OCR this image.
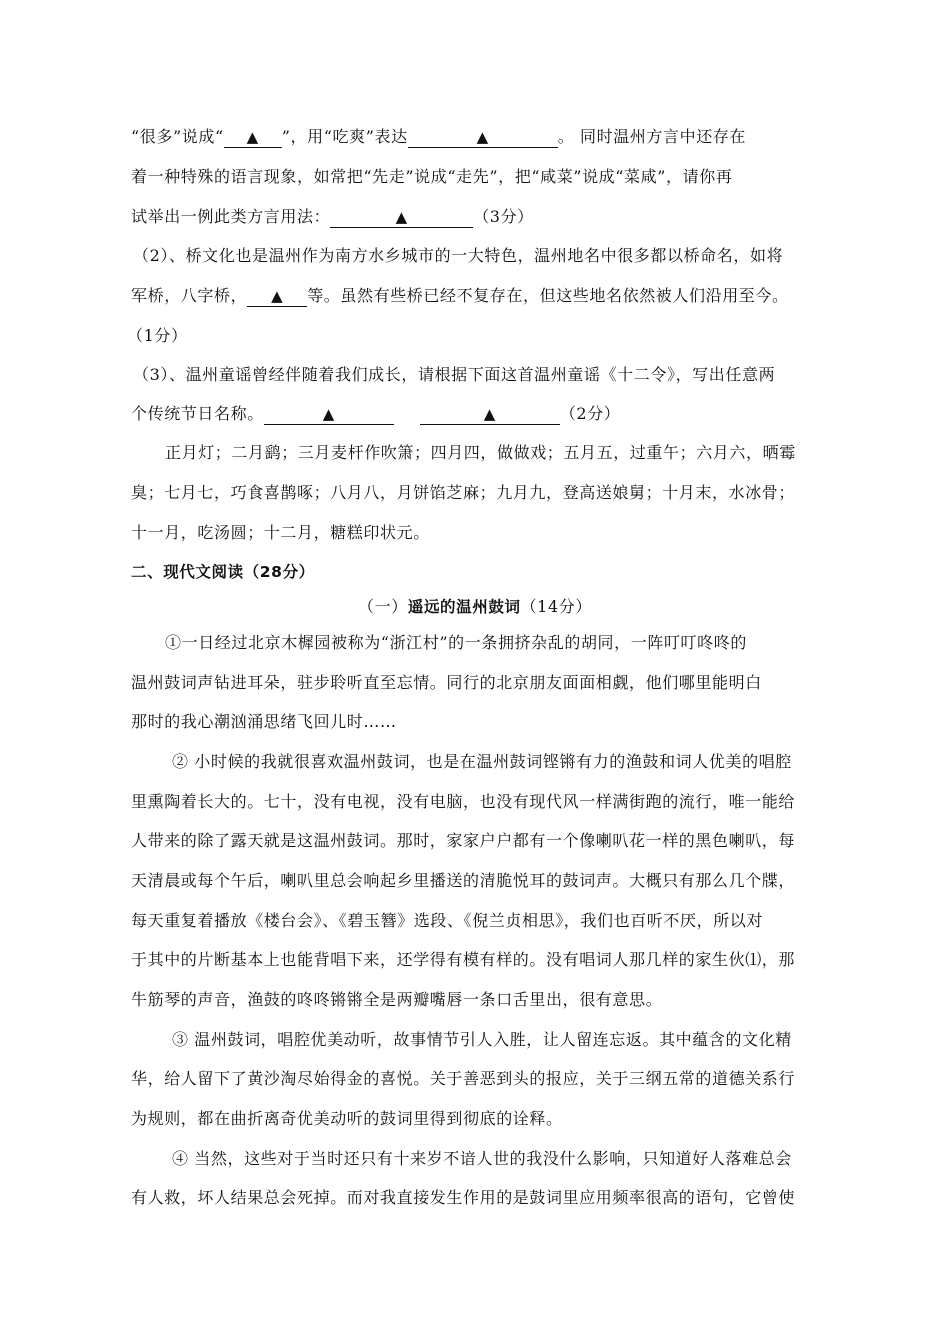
“很多”说成“ ▲ ”，用“吃爽”表达	▲	。 同时温州方言中还存在
着一种特殊的语言现象，如常把“先走”说成“走先”，把“咸菜”说成“菜咸”，请你再
试举出一例此类方言用法：	▲	（3分）
（2）、桥文化也是温州作为南方水乡城市的一大特色，温州地名中很多都以桥命名，如将
军桥，八字桥， ▲ 等。虽然有些桥已经不复存在，但这些地名依然被人们沿用至今。
（1分）
（3）、温州童谣曾经伴随着我们成长，请根据下面这首温州童谣《十二令》，写出任意两
个传统节日名称。	▲	▲	（2分）
正月灯；二月鹞；三月麦杆作吹箫；四月四，做做戏；五月五，过重午；六月六，晒霉
臭；七月七，巧食喜鹊啄；八月八，月饼馅芝麻；九月九，登高送娘舅；十月末，水冰骨；
十一月，吃汤圆；十二月，糖糕印状元。
二、现代文阅读（28分）
（一）遥远的温州鼓词（14分）
①一日经过北京木樨园被称为“浙江村”的一条拥挤杂乱的胡同，一阵叮叮咚咚的
温州鼓词声钻进耳朵，驻步聆听直至忘情。同行的北京朋友面面相觑，他们哪里能明白
那时的我心潮汹涌思绪飞回儿时……
② 小时候的我就很喜欢温州鼓词，也是在温州鼓词铿锵有力的渔鼓和词人优美的唱腔
里熏陶着长大的。七十，没有电视，没有电脑，也没有现代风一样满街跑的流行，唯一能给
人带来的除了露天就是这温州鼓词。那时，家家户户都有一个像喇叭花一样的黑色喇叭，每
天清晨或每个午后，喇叭里总会响起乡里播送的清脆悦耳的鼓词声。大概只有那么几个牒，
每天重复着播放《楼台会》、《碧玉簪》选段、《倪兰贞相思》，我们也百听不厌，所以对
于其中的片断基本上也能背唱下来，还学得有模有样的。没有唱词人那几样的家生伙⑴，那
牛筋琴的声音，渔鼓的咚咚锵锵全是两瓣嘴唇一条口舌里出，很有意思。
③ 温州鼓词，唱腔优美动听，故事情节引人入胜，让人留连忘返。其中蕴含的文化精
华，给人留下了黄沙淘尽始得金的喜悦。关于善恶到头的报应，关于三纲五常的道德关系行
为规则，都在曲折离奇优美动听的鼓词里得到彻底的诠释。
④ 当然，这些对于当时还只有十来岁不谙人世的我没什么影响，只知道好人落难总会
有人救，坏人结果总会死掉。而对我直接发生作用的是鼓词里应用频率很高的语句，它曾使
